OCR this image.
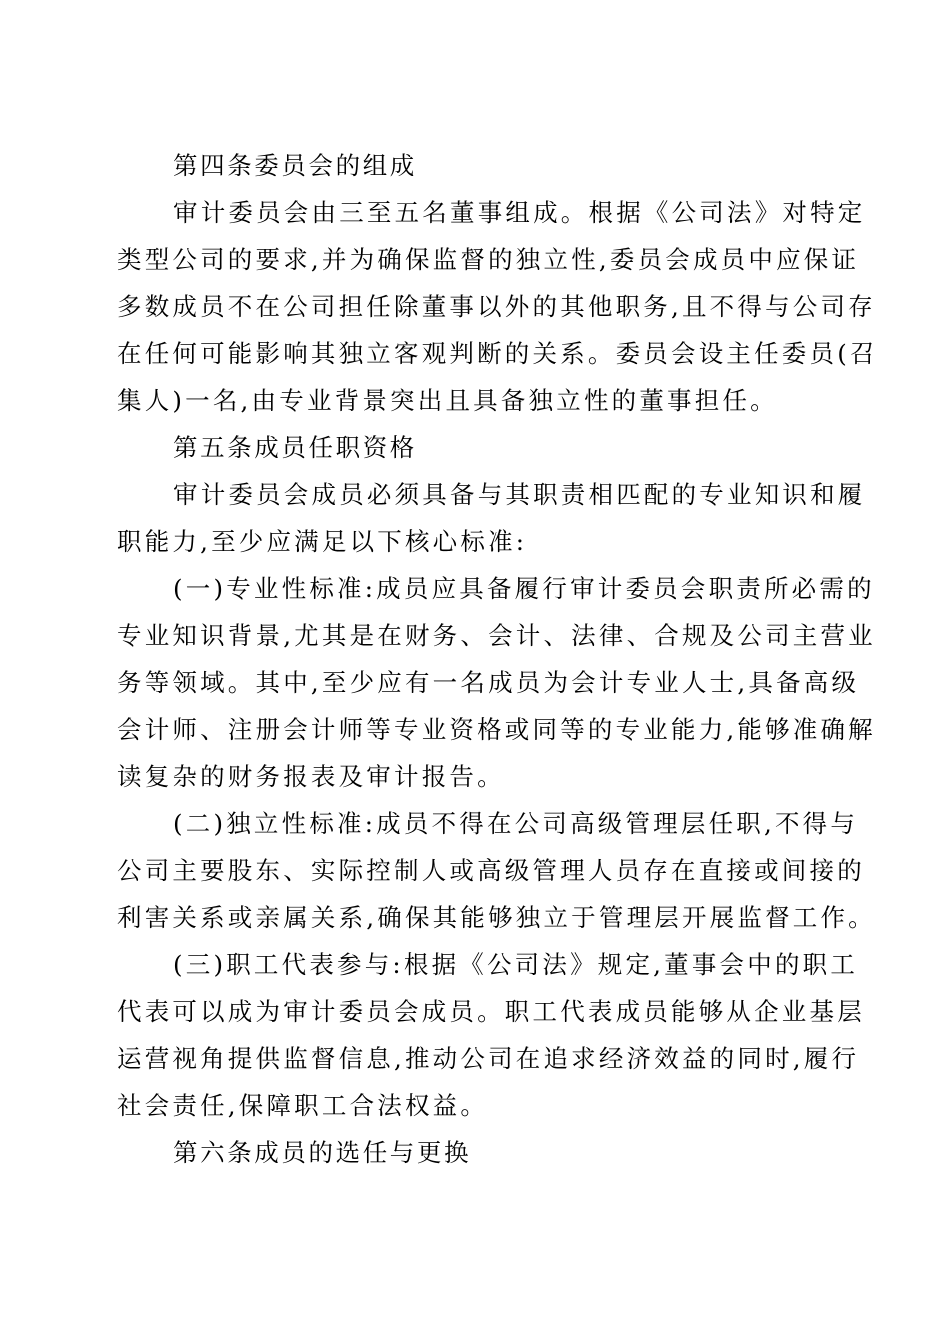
第四条委员会的组成
审计委员会由三至五名董事组成。根据《公司法》对特定
类型公司的要求,并为确保监督的独立性,委员会成员中应保证
多数成员不在公司担任除董事以外的其他职务,且不得与公司存
在任何可能影响其独立客观判断的关系。委员会设主任委员(召
集人)一名,由专业背景突出且具备独立性的董事担任。
第五条成员任职资格
审计委员会成员必须具备与其职责相匹配的专业知识和履
职能力,至少应满足以下核心标准:
(一)专业性标准:成员应具备履行审计委员会职责所必需的
专业知识背景,尤其是在财务、会计、法律、合规及公司主营业
务等领域。其中,至少应有一名成员为会计专业人士,具备高级
会计师、注册会计师等专业资格或同等的专业能力,能够准确解
读复杂的财务报表及审计报告。
(二)独立性标准:成员不得在公司高级管理层任职,不得与
公司主要股东、实际控制人或高级管理人员存在直接或间接的
利害关系或亲属关系,确保其能够独立于管理层开展监督工作。
(三)职工代表参与:根据《公司法》规定,董事会中的职工
代表可以成为审计委员会成员。职工代表成员能够从企业基层
运营视角提供监督信息,推动公司在追求经济效益的同时,履行
社会责任,保障职工合法权益。
第六条成员的选任与更换
